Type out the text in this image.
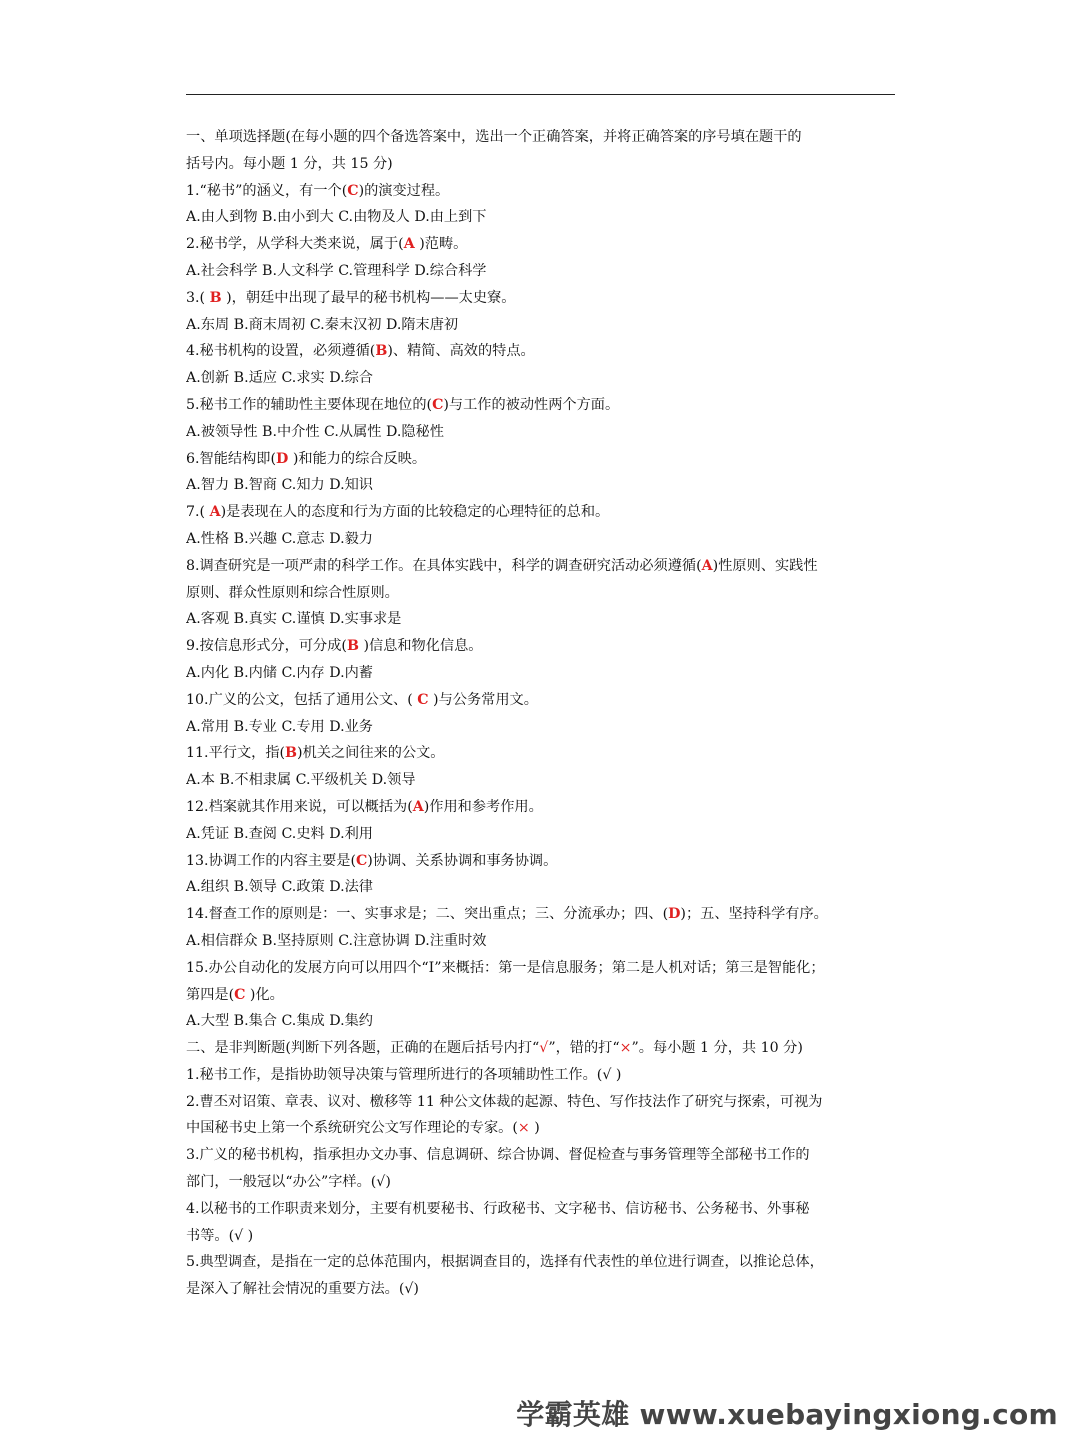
一、单项选择题(在每小题的四个备选答案中，选出一个正确答案，并将正确答案的序号填在题干的
括号内。每小题 1 分，共 15 分)
1.“秘书”的涵义，有一个(C)的演变过程。
A.由人到物 B.由小到大 C.由物及人 D.由上到下
2.秘书学，从学科大类来说，属于(A )范畴。
A.社会科学 B.人文科学 C.管理科学 D.综合科学
3.( B )，朝廷中出现了最早的秘书机构——太史寮。
A.东周 B.商末周初 C.秦末汉初 D.隋末唐初
4.秘书机构的设置，必须遵循(B)、精简、高效的特点。
A.创新 B.适应 C.求实 D.综合
5.秘书工作的辅助性主要体现在地位的(C)与工作的被动性两个方面。
A.被领导性 B.中介性 C.从属性 D.隐秘性
6.智能结构即(D )和能力的综合反映。
A.智力 B.智商 C.知力 D.知识
7.( A)是表现在人的态度和行为方面的比较稳定的心理特征的总和。
A.性格 B.兴趣 C.意志 D.毅力
8.调查研究是一项严肃的科学工作。在具体实践中，科学的调查研究活动必须遵循(A)性原则、实践性
原则、群众性原则和综合性原则。
A.客观 B.真实 C.谨慎 D.实事求是
9.按信息形式分，可分成(B )信息和物化信息。
A.内化 B.内储 C.内存 D.内蓄
10.广义的公文，包括了通用公文、( C )与公务常用文。
A.常用 B.专业 C.专用 D.业务
11.平行文，指(B)机关之间往来的公文。
A.本 B.不相隶属 C.平级机关 D.领导
12.档案就其作用来说，可以概括为(A)作用和参考作用。
A.凭证 B.查阅 C.史料 D.利用
13.协调工作的内容主要是(C)协调、关系协调和事务协调。
A.组织 B.领导 C.政策 D.法律
14.督查工作的原则是：一、实事求是；二、突出重点；三、分流承办；四、(D)；五、坚持科学有序。
A.相信群众 B.坚持原则 C.注意协调 D.注重时效
15.办公自动化的发展方向可以用四个“I”来概括：第一是信息服务；第二是人机对话；第三是智能化；
第四是(C )化。
A.大型 B.集合 C.集成 D.集约
二、是非判断题(判断下列各题，正确的在题后括号内打“√”，错的打“×”。每小题 1 分，共 10 分)
1.秘书工作，是指协助领导决策与管理所进行的各项辅助性工作。(√ )
2.曹丕对诏策、章表、议对、檄移等 11 种公文体裁的起源、特色、写作技法作了研究与探索，可视为
中国秘书史上第一个系统研究公文写作理论的专家。(× )
3.广义的秘书机构，指承担办文办事、信息调研、综合协调、督促检查与事务管理等全部秘书工作的
部门，一般冠以“办公”字样。(√)
4.以秘书的工作职责来划分，主要有机要秘书、行政秘书、文字秘书、信访秘书、公务秘书、外事秘
书等。(√ )
5.典型调查，是指在一定的总体范围内，根据调查目的，选择有代表性的单位进行调查，以推论总体，
是深入了解社会情况的重要方法。(√)
学霸英雄 www.xuebayingxiong.com
